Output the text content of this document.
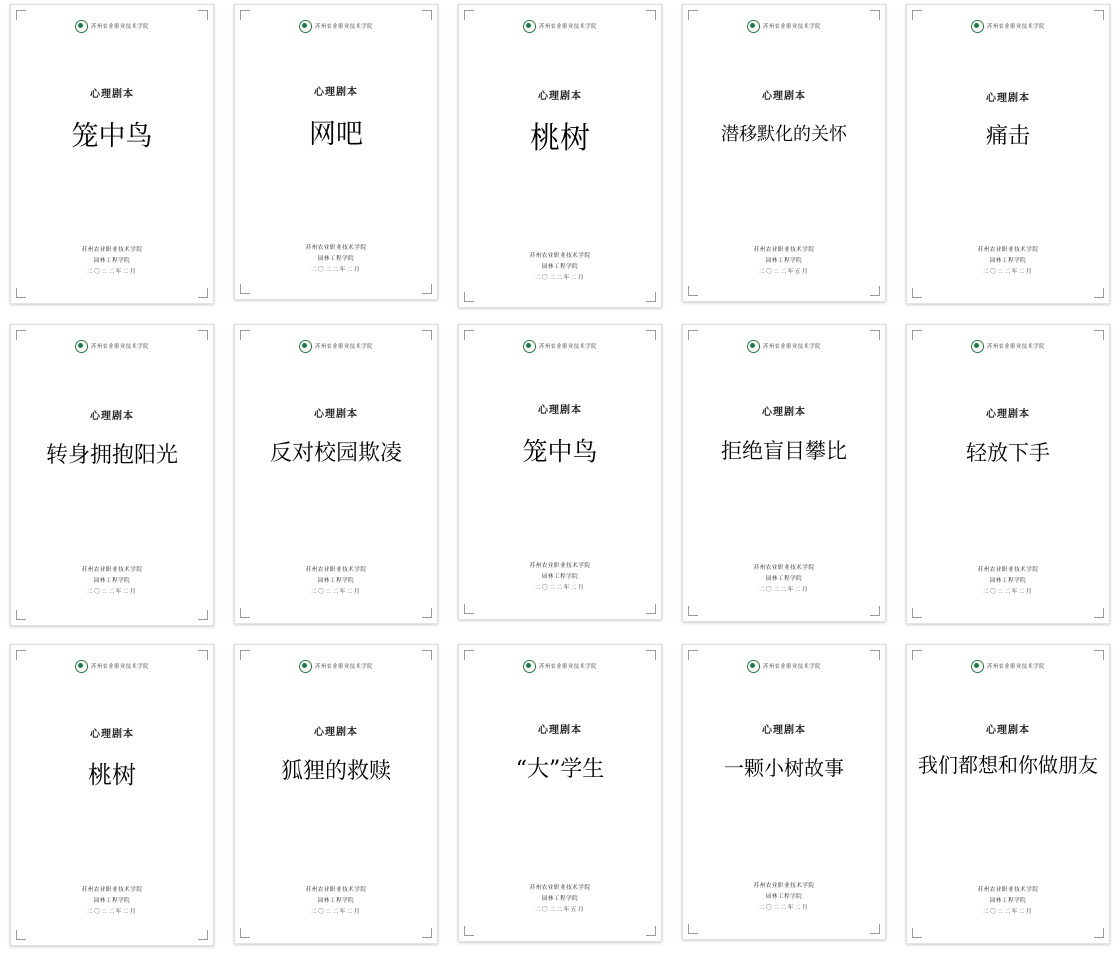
苏州农业职业技术学院
心理剧本
笼中鸟
苏州农业职业技术学院
园林工程学院
二〇二二年二月
苏州农业职业技术学院
心理剧本
网吧
苏州农业职业技术学院
园林工程学院
二〇二二年二月
苏州农业职业技术学院
心理剧本
桃树
苏州农业职业技术学院
园林工程学院
二〇二二年二月
苏州农业职业技术学院
心理剧本
潜移默化的关怀
苏州农业职业技术学院
园林工程学院
二〇二二年五月
苏州农业职业技术学院
心理剧本
痛击
苏州农业职业技术学院
园林工程学院
二〇二二年二月
苏州农业职业技术学院
心理剧本
转身拥抱阳光
苏州农业职业技术学院
园林工程学院
二〇二二年二月
苏州农业职业技术学院
心理剧本
反对校园欺凌
苏州农业职业技术学院
园林工程学院
二〇二二年二月
苏州农业职业技术学院
心理剧本
笼中鸟
苏州农业职业技术学院
园林工程学院
二〇二二年二月
苏州农业职业技术学院
心理剧本
拒绝盲目攀比
苏州农业职业技术学院
园林工程学院
二〇二二年二月
苏州农业职业技术学院
心理剧本
轻放下手
苏州农业职业技术学院
园林工程学院
二〇二二年二月
苏州农业职业技术学院
心理剧本
桃树
苏州农业职业技术学院
园林工程学院
二〇二二年二月
苏州农业职业技术学院
心理剧本
狐狸的救赎
苏州农业职业技术学院
园林工程学院
二〇二二年二月
苏州农业职业技术学院
心理剧本
“大”学生
苏州农业职业技术学院
园林工程学院
二〇二二年五月
苏州农业职业技术学院
心理剧本
一颗小树故事
苏州农业职业技术学院
园林工程学院
二〇二二年二月
苏州农业职业技术学院
心理剧本
我们都想和你做朋友
苏州农业职业技术学院
园林工程学院
二〇二二年二月
